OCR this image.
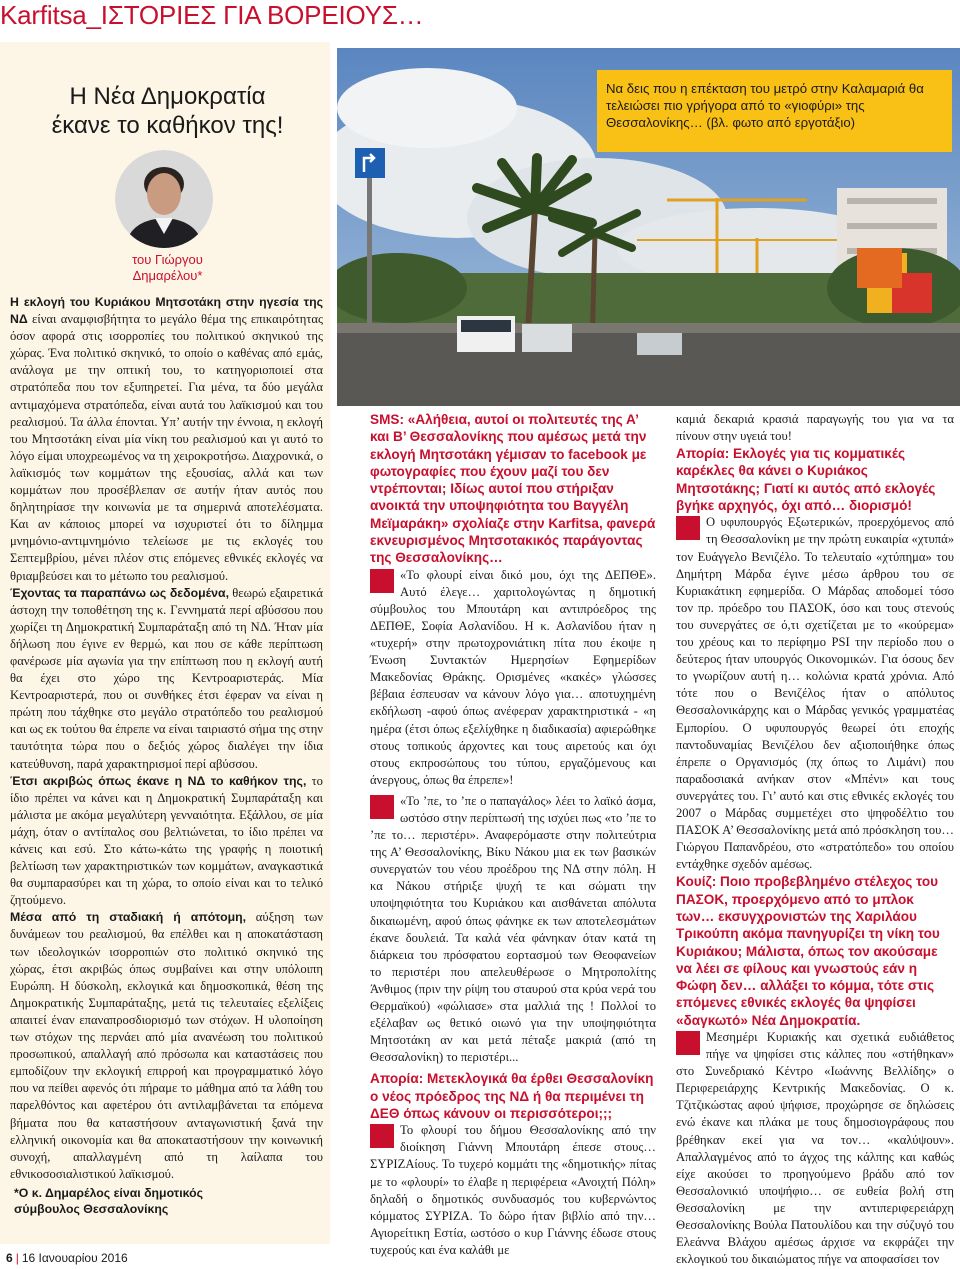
Karfitsa_ΙΣΤΟΡΙΕΣ ΓΙΑ ΒΟΡΕΙΟΥΣ…
Η Νέα Δημοκρατία
έκανε το καθήκον της!
του Γιώργου
Δημαρέλου*

Η εκλογή του Κυριάκου Μητσοτάκη στην ηγεσία της ΝΔ είναι αναμφισβήτητα το μεγάλο θέμα της επικαιρότητας όσον αφορά στις ισορροπίες του πολιτικού σκηνικού της χώρας. Ένα πολιτικό σκηνικό, το οποίο ο καθένας από εμάς, ανάλογα με την οπτική του, το κατηγοριοποιεί στα στρατόπεδα που τον εξυπηρετεί. Για μένα, τα δύο μεγάλα αντιμαχόμενα στρατόπεδα, είναι αυτά του λαϊκισμού και του ρεαλισμού. Τα άλλα έπονται. Υπ’ αυτήν την έννοια, η εκλογή του Μητσοτάκη είναι μία νίκη του ρεαλισμού και γι αυτό το λόγο είμαι υποχρεωμένος να τη χειροκροτήσω. Διαχρονικά, ο λαϊκισμός των κομμάτων της εξουσίας, αλλά και των κομμάτων που προσέβλεπαν σε αυτήν ήταν αυτός που δηλητηρίασε την κοινωνία με τα σημερινά αποτελέσματα. Και αν κάποιος μπορεί να ισχυριστεί ότι το δίλημμα μνημόνιο-αντιμνημόνιο τελείωσε με τις εκλογές του Σεπτεμβρίου, μένει πλέον στις επόμενες εθνικές εκλογές να θριαμβεύσει και το μέτωπο του ρεαλισμού.

Έχοντας τα παραπάνω ως δεδομένα, θεωρώ εξαιρετικά άστοχη την τοποθέτηση της κ. Γεννηματά περί αβύσσου που χωρίζει τη Δημοκρατική Συμπαράταξη από τη ΝΔ. Ήταν μία δήλωση που έγινε εν θερμώ, και που σε κάθε περίπτωση φανέρωσε μία αγωνία για την επίπτωση που η εκλογή αυτή θα έχει στο χώρο της Κεντροαριστεράς. Μία Κεντροαριστερά, που οι συνθήκες έτσι έφεραν να είναι η πρώτη που τάχθηκε στο μεγάλο στρατόπεδο του ρεαλισμού και ως εκ τούτου θα έπρεπε να είναι ταιριαστό σήμα της στην ταυτότητα τώρα που ο δεξιός χώρος διαλέγει την ίδια κατεύθυνση, παρά χαρακτηρισμοί περί αβύσσου.

Έτσι ακριβώς όπως έκανε η ΝΔ το καθήκον της, το ίδιο πρέπει να κάνει και η Δημοκρατική Συμπαράταξη και μάλιστα με ακόμα μεγαλύτερη γενναιότητα. Εξάλλου, σε μία μάχη, όταν ο αντίπαλος σου βελτιώνεται, το ίδιο πρέπει να κάνεις και εσύ. Στο κάτω-κάτω της γραφής η ποιοτική βελτίωση των χαρακτηριστικών των κομμάτων, αναγκαστικά θα συμπαρασύρει και τη χώρα, το οποίο είναι και το τελικό ζητούμενο.

Μέσα από τη σταδιακή ή απότομη, αύξηση των δυνάμεων του ρεαλισμού, θα επέλθει και η αποκατάσταση των ιδεολογικών ισορροπιών στο πολιτικό σκηνικό της χώρας, έτσι ακριβώς όπως συμβαίνει και στην υπόλοιπη Ευρώπη. Η δύσκολη, εκλογικά και δημοσκοπικά, θέση της Δημοκρατικής Συμπαράταξης, μετά τις τελευταίες εξελίξεις απαιτεί έναν επαναπροσδιορισμό των στόχων. Η υλοποίηση των στόχων της περνάει από μία ανανέωση του πολιτικού προσωπικού, απαλλαγή από πρόσωπα και καταστάσεις που εμποδίζουν την εκλογική επιρροή και προγραμματικό λόγο που να πείθει αφενός ότι πήραμε το μάθημα από τα λάθη του παρελθόντος και αφετέρου ότι αντιλαμβάνεται τα επόμενα βήματα που θα καταστήσουν ανταγωνιστική ξανά την ελληνική οικονομία και θα αποκαταστήσουν την κοινωνική συνοχή, απαλλαγμένη από τη λαίλαπα του εθνικοσοσιαλιστικού λαϊκισμού.

*Ο κ. Δημαρέλος είναι δημοτικός
σύμβουλος Θεσσαλονίκης
6 | 16 Ιανουαρίου 2016
Να δεις που η επέκταση του μετρό στην Καλαμαριά θα τελειώσει πιο γρήγορα από το «γιοφύρι» της Θεσσαλονίκης… (βλ. φωτο από εργοτάξιο)

SMS: «Αλήθεια, αυτοί οι πολιτευτές της Α’ και Β’ Θεσσαλονίκης που αμέσως μετά την εκλογή Μητσοτάκη γέμισαν το facebook με φωτογραφίες που έχουν μαζί του δεν ντρέπονται; Ιδίως αυτοί που στήριξαν ανοικτά την υποψηφιότητα του Βαγγέλη Μεϊμαράκη» σχολίαζε στην Karfitsa, φανερά εκνευρισμένος Μητσοτακικός παράγοντας της Θεσσαλονίκης…

«Το φλουρί είναι δικό μου, όχι της ΔΕΠΘΕ». Αυτό έλεγε… χαριτολογώντας η δημοτική σύμβουλος του Μπουτάρη και αντιπρόεδρος της ΔΕΠΘΕ, Σοφία Ασλανίδου. Η κ. Ασλανίδου ήταν η «τυχερή» στην πρωτοχρονιάτικη πίτα που έκοψε η Ένωση Συντακτών Ημερησίων Εφημερίδων Μακεδονίας Θράκης. Ορισμένες «κακές» γλώσσες βέβαια έσπευσαν να κάνουν λόγο για… αποτυχημένη εκδήλωση -αφού όπως ανέφεραν χαρακτηριστικά - «η ημέρα (έτσι όπως εξελίχθηκε η διαδικασία) αφιερώθηκε στους τοπικούς άρχοντες και τους αιρετούς και όχι στους εκπροσώπους του τύπου, εργαζόμενους και άνεργους, όπως θα έπρεπε»!

«Το ’πε, το ’πε ο παπαγάλος» λέει το λαϊκό άσμα, ωστόσο στην περίπτωσή της ισχύει πως «το ’πε το ’πε το… περιστέρι». Αναφερόμαστε στην πολιτεύτρια της Α’ Θεσσαλονίκης, Βίκυ Νάκου μια εκ των βασικών συνεργατών του νέου προέδρου της ΝΔ στην πόλη. Η κα Νάκου στήριξε ψυχή τε και σώματι την υποψηφιότητα του Κυριάκου και αισθάνεται απόλυτα δικαιωμένη, αφού όπως φάνηκε εκ των αποτελεσμάτων έκανε δουλειά. Τα καλά νέα φάνηκαν όταν κατά τη διάρκεια του πρόσφατου εορτασμού των Θεοφανείων το περιστέρι που απελευθέρωσε ο Μητροπολίτης Άνθιμος (πριν την ρίψη του σταυρού στα κρύα νερά του Θερμαϊκού) «φώλιασε» στα μαλλιά της ! Πολλοί το εξέλαβαν ως θετικό οιωνό για την υποψηφιότητα Μητσοτάκη αν και μετά πέταξε μακριά (από τη Θεσσαλονίκη) το περιστέρι...

Απορία: Μετεκλογικά θα έρθει Θεσσαλονίκη ο νέος πρόεδρος της ΝΔ ή θα περιμένει τη ΔΕΘ όπως κάνουν οι περισσότεροι;;;

Το φλουρί του δήμου Θεσσαλονίκης από την διοίκηση Γιάννη Μπουτάρη έπεσε στους… ΣΥΡΙΖΑίους. Το τυχερό κομμάτι της «δημοτικής» πίτας με το «φλουρί» το έλαβε η περιφέρεια «Ανοιχτή Πόλη» δηλαδή ο δημοτικός συνδυασμός του κυβερνώντος κόμματος ΣΥΡΙΖΑ. Το δώρο ήταν βιβλίο από την… Αγιορείτικη Εστία, ωστόσο ο κυρ Γιάννης έδωσε στους τυχερούς και ένα καλάθι με

καμιά δεκαριά κρασιά παραγωγής του για να τα πίνουν στην υγειά του!

Απορία: Εκλογές για τις κομματικές καρέκλες θα κάνει ο Κυριάκος Μητσοτάκης; Γιατί κι αυτός από εκλογές βγήκε αρχηγός, όχι από… διορισμό!

Ο υφυπουργός Εξωτερικών, προερχόμενος από τη Θεσσαλονίκη με την πρώτη ευκαιρία «χτυπά» τον Ευάγγελο Βενιζέλο. Το τελευταίο «χτύπημα» του Δημήτρη Μάρδα έγινε μέσω άρθρου του σε Κυριακάτικη εφημερίδα. Ο Μάρδας αποδομεί τόσο τον πρ. πρόεδρο του ΠΑΣΟΚ, όσο και τους στενούς του συνεργάτες σε ό,τι σχετίζεται με το «κούρεμα» του χρέους και το περίφημο PSI την περίοδο που ο δεύτερος ήταν υπουργός Οικονομικών. Για όσους δεν το γνωρίζουν αυτή η… κολώνια κρατά χρόνια. Από τότε που ο Βενιζέλος ήταν ο απόλυτος Θεσσαλονικάρχης και ο Μάρδας γενικός γραμματέας Εμπορίου. Ο υφυπουργός θεωρεί ότι εποχής παντοδυναμίας Βενιζέλου δεν αξιοποιήθηκε όπως έπρεπε ο Οργανισμός (πχ όπως το Λιμάνι) που παραδοσιακά ανήκαν στον «Μπένι» και τους συνεργάτες του. Γι’ αυτό και στις εθνικές εκλογές του 2007 ο Μάρδας συμμετέχει στο ψηφοδέλτιο του ΠΑΣΟΚ Α’ Θεσσαλονίκης μετά από πρόσκληση του… Γιώργου Παπανδρέου, στο «στρατόπεδο» του οποίου εντάχθηκε σχεδόν αμέσως.

Κουίζ: Ποιο προβεβλημένο στέλεχος του ΠΑΣΟΚ, προερχόμενο από το μπλοκ των… εκσυγχρονιστών της Χαριλάου Τρικούπη ακόμα πανηγυρίζει τη νίκη του Κυριάκου; Μάλιστα, όπως τον ακούσαμε να λέει σε φίλους και γνωστούς εάν η Φώφη δεν… αλλάξει το κόμμα, τότε στις επόμενες εθνικές εκλογές θα ψηφίσει «δαγκωτό» Νέα Δημοκρατία.

Μεσημέρι Κυριακής και σχετικά ευδιάθετος πήγε να ψηφίσει στις κάλπες που «στήθηκαν» στο Συνεδριακό Κέντρο «Ιωάννης Βελλίδης» ο Περιφερειάρχης Κεντρικής Μακεδονίας. Ο κ. Τζιτζικώστας αφού ψήφισε, προχώρησε σε δηλώσεις ενώ έκανε και πλάκα με τους δημοσιογράφους που βρέθηκαν εκεί για να τον… «καλύψουν». Απαλλαγμένος από το άγχος της κάλπης και καθώς είχε ακούσει το προηγούμενο βράδυ από τον Θεσσαλονικιό υποψήφιο… σε ευθεία βολή στη Θεσσαλονίκη με την αντιπεριφερειάρχη Θεσσαλονίκης Βούλα Πατουλίδου και την σύζυγό του Ελεάννα Βλάχου αμέσως άρχισε να εκφράζει την εκλογικού του δικαιώματος πήγε να αποφασίσει τον
